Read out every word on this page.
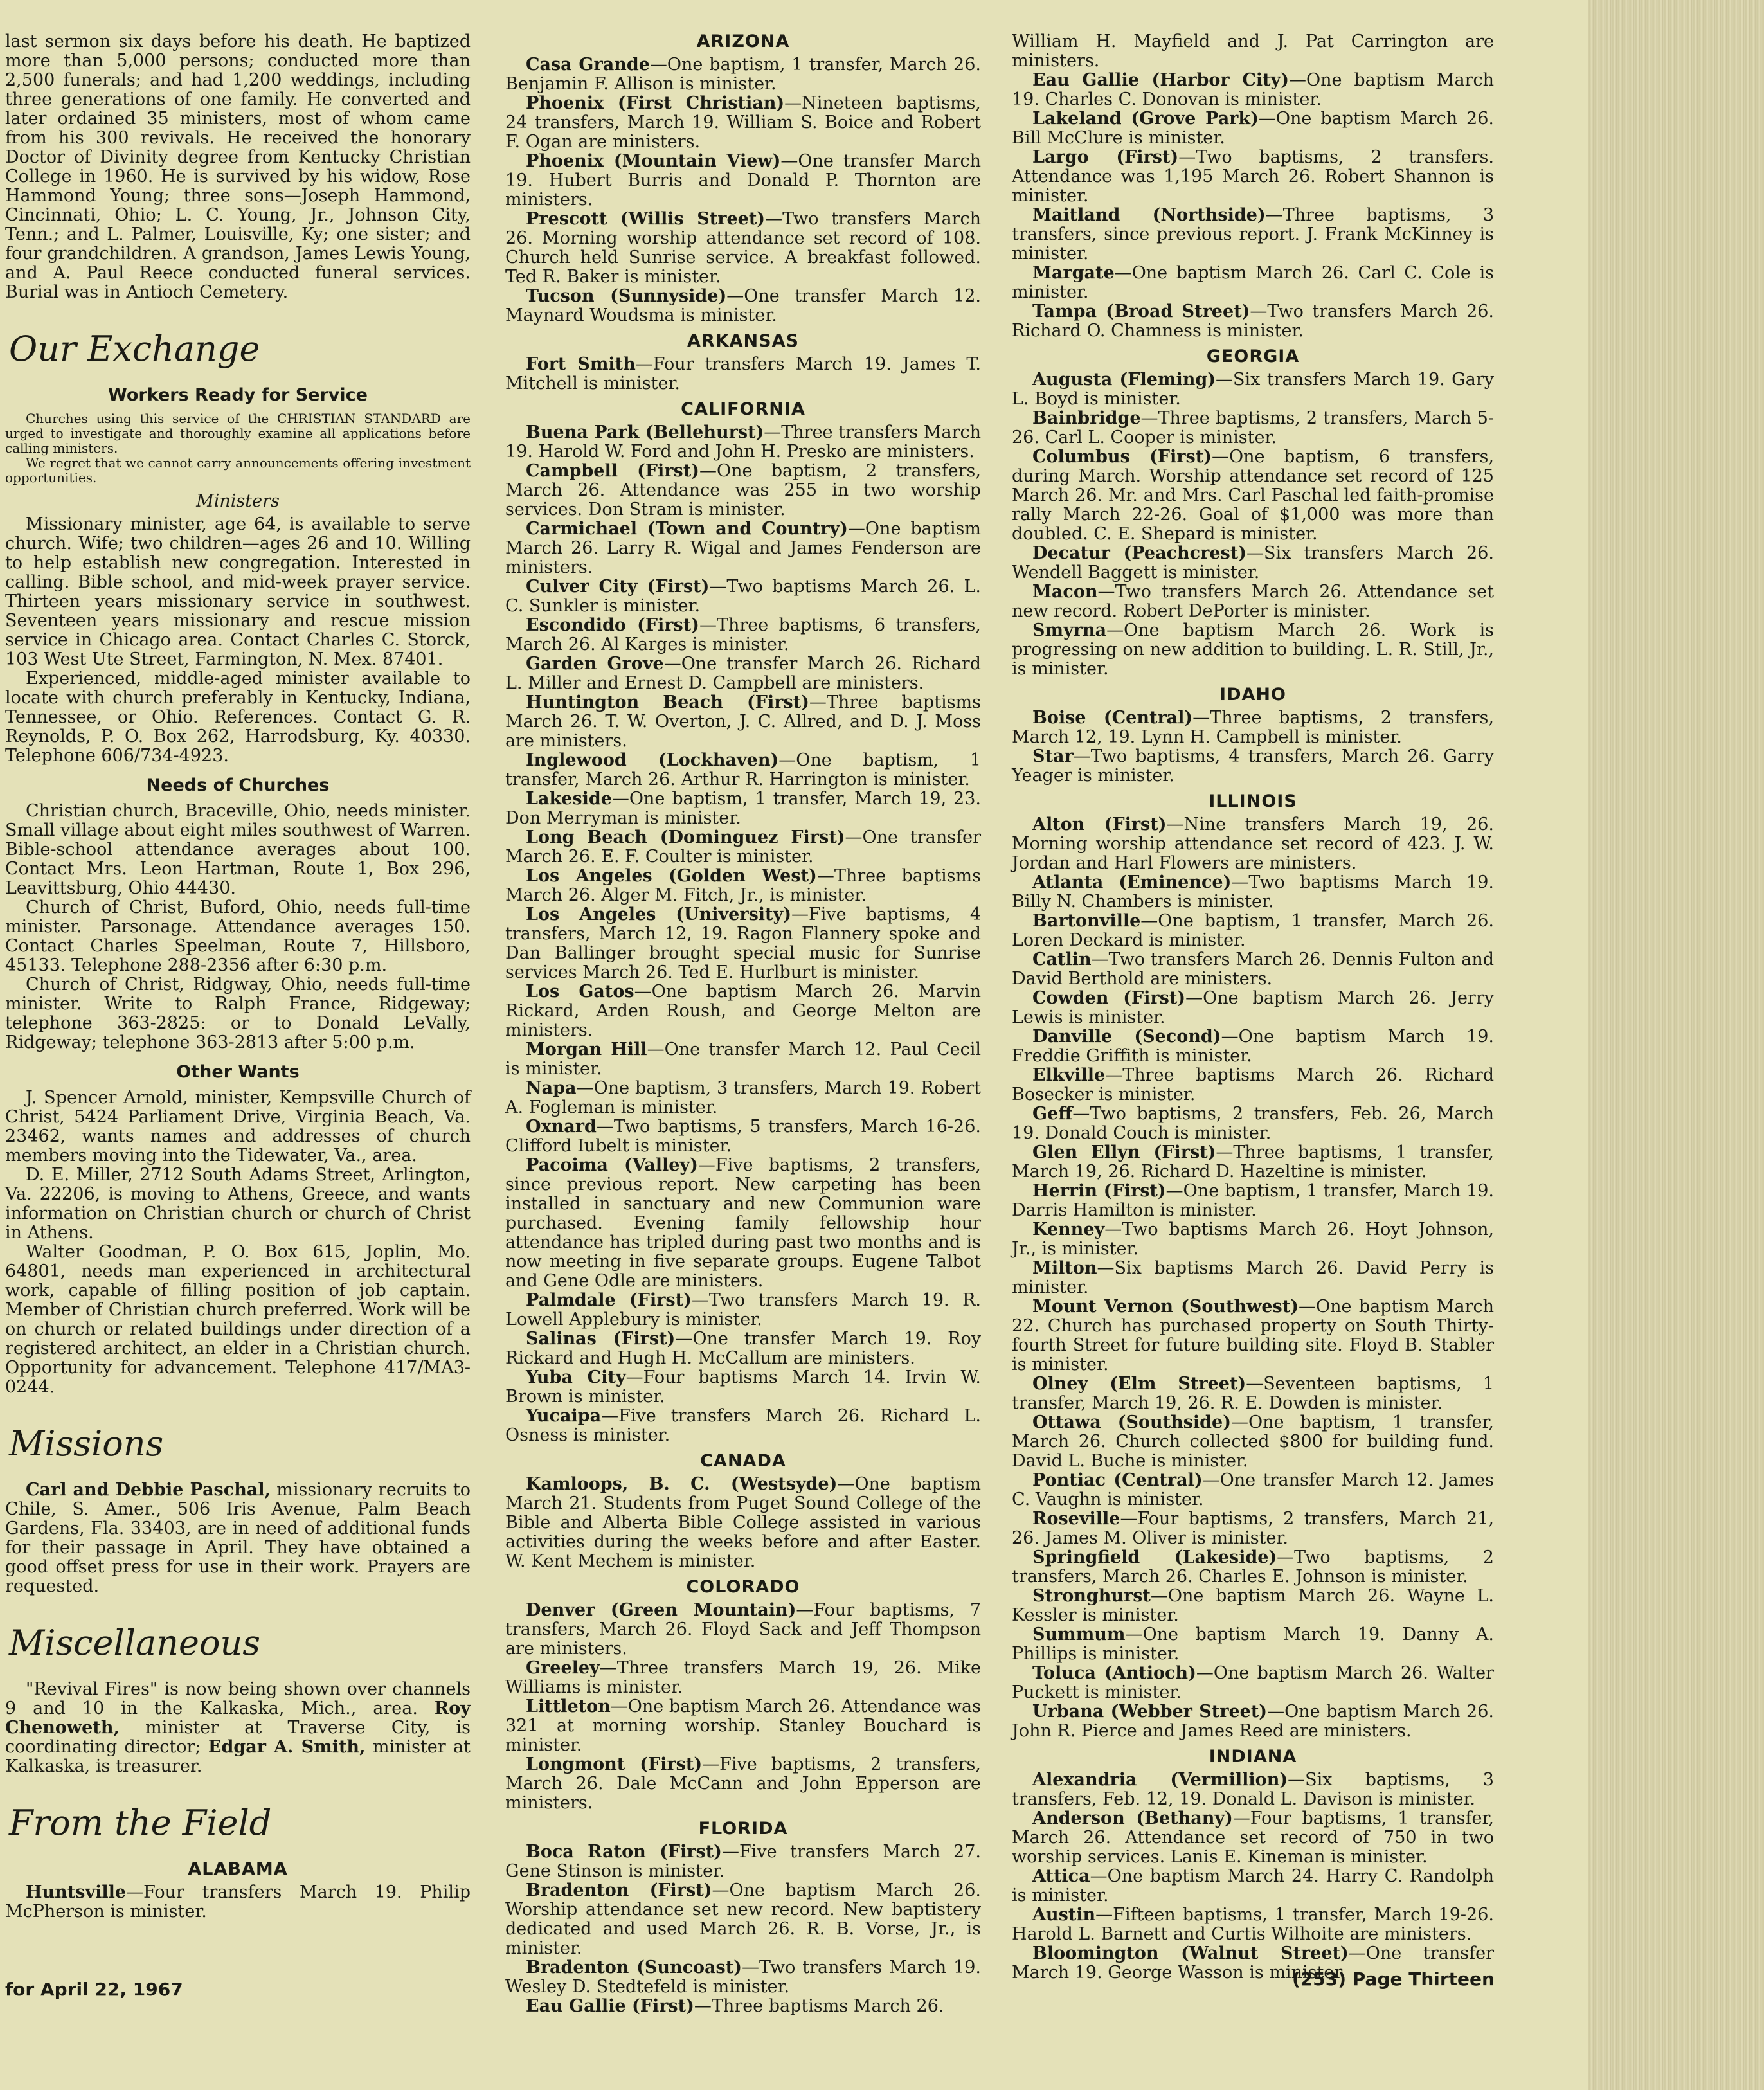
last sermon six days before his death. He baptized more than 5,000 persons; conducted more than 2,500 funerals; and had 1,200 weddings, including three generations of one family. He converted and later ordained 35 ministers, most of whom came from his 300 revivals. He received the honorary Doctor of Divinity degree from Kentucky Christian College in 1960. He is survived by his widow, Rose Hammond Young; three sons—Joseph Hammond, Cincinnati, Ohio; L. C. Young, Jr., Johnson City, Tenn.; and L. Palmer, Louisville, Ky; one sister; and four grandchildren. A grandson, James Lewis Young, and A. Paul Reece conducted funeral services. Burial was in Antioch Cemetery.

Our Exchange
Workers Ready for Service

Churches using this service of the CHRISTIAN STANDARD are urged to investigate and thoroughly examine all applications before calling ministers.

We regret that we cannot carry announcements offering investment opportunities.

Ministers

Missionary minister, age 64, is available to serve church. Wife; two children—ages 26 and 10. Willing to help establish new congregation. Interested in calling. Bible school, and mid-week prayer service. Thirteen years missionary service in southwest. Seventeen years missionary and rescue mission service in Chicago area. Contact Charles C. Storck, 103 West Ute Street, Farmington, N. Mex. 87401.

Experienced, middle-aged minister available to locate with church preferably in Kentucky, Indiana, Tennessee, or Ohio. References. Contact G. R. Reynolds, P. O. Box 262, Harrodsburg, Ky. 40330. Telephone 606/734-4923.

Needs of Churches

Christian church, Braceville, Ohio, needs minister. Small village about eight miles southwest of Warren. Bible-school attendance averages about 100. Contact Mrs. Leon Hartman, Route 1, Box 296, Leavittsburg, Ohio 44430.

Church of Christ, Buford, Ohio, needs full-time minister. Parsonage. Attendance averages 150. Contact Charles Speelman, Route 7, Hillsboro, 45133. Telephone 288-2356 after 6:30 p.m.

Church of Christ, Ridgway, Ohio, needs full-time minister. Write to Ralph France, Ridgeway; telephone 363-2825: or to Donald LeVally, Ridgeway; telephone 363-2813 after 5:00 p.m.

Other Wants

J. Spencer Arnold, minister, Kempsville Church of Christ, 5424 Parliament Drive, Virginia Beach, Va. 23462, wants names and addresses of church members moving into the Tidewater, Va., area.

D. E. Miller, 2712 South Adams Street, Arlington, Va. 22206, is moving to Athens, Greece, and wants information on Christian church or church of Christ in Athens.

Walter Goodman, P. O. Box 615, Joplin, Mo. 64801, needs man experienced in architectural work, capable of filling position of job captain. Member of Christian church preferred. Work will be on church or related buildings under direction of a registered architect, an elder in a Christian church. Opportunity for advancement. Telephone 417/MA3-0244.

Missions

Carl and Debbie Paschal, missionary recruits to Chile, S. Amer., 506 Iris Avenue, Palm Beach Gardens, Fla. 33403, are in need of additional funds for their passage in April. They have obtained a good offset press for use in their work. Prayers are requested.

Miscellaneous

"Revival Fires" is now being shown over channels 9 and 10 in the Kalkaska, Mich., area. Roy Chenoweth, minister at Traverse City, is coordinating director; Edgar A. Smith, minister at Kalkaska, is treasurer.

From the Field
ALABAMA

Huntsville—Four transfers March 19. Philip McPherson is minister.

ARIZONA

Casa Grande—One baptism, 1 transfer, March 26. Benjamin F. Allison is minister.

Phoenix (First Christian)—Nineteen baptisms, 24 transfers, March 19. William S. Boice and Robert F. Ogan are ministers.

Phoenix (Mountain View)—One transfer March 19. Hubert Burris and Donald P. Thornton are ministers.

Prescott (Willis Street)—Two transfers March 26. Morning worship attendance set record of 108. Church held Sunrise service. A breakfast followed. Ted R. Baker is minister.

Tucson (Sunnyside)—One transfer March 12. Maynard Woudsma is minister.

ARKANSAS

Fort Smith—Four transfers March 19. James T. Mitchell is minister.

CALIFORNIA

Buena Park (Bellehurst)—Three transfers March 19. Harold W. Ford and John H. Presko are ministers.

Campbell (First)—One baptism, 2 transfers, March 26. Attendance was 255 in two worship services. Don Stram is minister.

Carmichael (Town and Country)—One baptism March 26. Larry R. Wigal and James Fenderson are ministers.

Culver City (First)—Two baptisms March 26. L. C. Sunkler is minister.

Escondido (First)—Three baptisms, 6 transfers, March 26. Al Karges is minister.

Garden Grove—One transfer March 26. Richard L. Miller and Ernest D. Campbell are ministers.

Huntington Beach (First)—Three baptisms March 26. T. W. Overton, J. C. Allred, and D. J. Moss are ministers.

Inglewood (Lockhaven)—One baptism, 1 transfer, March 26. Arthur R. Harrington is minister.

Lakeside—One baptism, 1 transfer, March 19, 23. Don Merryman is minister.

Long Beach (Dominguez First)—One transfer March 26. E. F. Coulter is minister.

Los Angeles (Golden West)—Three baptisms March 26. Alger M. Fitch, Jr., is minister.

Los Angeles (University)—Five baptisms, 4 transfers, March 12, 19. Ragon Flannery spoke and Dan Ballinger brought special music for Sunrise services March 26. Ted E. Hurlburt is minister.

Los Gatos—One baptism March 26. Marvin Rickard, Arden Roush, and George Melton are ministers.

Morgan Hill—One transfer March 12. Paul Cecil is minister.

Napa—One baptism, 3 transfers, March 19. Robert A. Fogleman is minister.

Oxnard—Two baptisms, 5 transfers, March 16-26. Clifford Iubelt is minister.

Pacoima (Valley)—Five baptisms, 2 transfers, since previous report. New carpeting has been installed in sanctuary and new Communion ware purchased. Evening family fellowship hour attendance has tripled during past two months and is now meeting in five separate groups. Eugene Talbot and Gene Odle are ministers.

Palmdale (First)—Two transfers March 19. R. Lowell Applebury is minister.

Salinas (First)—One transfer March 19. Roy Rickard and Hugh H. McCallum are ministers.

Yuba City—Four baptisms March 14. Irvin W. Brown is minister.

Yucaipa—Five transfers March 26. Richard L. Osness is minister.

CANADA

Kamloops, B. C. (Westsyde)—One baptism March 21. Students from Puget Sound College of the Bible and Alberta Bible College assisted in various activities during the weeks before and after Easter. W. Kent Mechem is minister.

COLORADO

Denver (Green Mountain)—Four baptisms, 7 transfers, March 26. Floyd Sack and Jeff Thompson are ministers.

Greeley—Three transfers March 19, 26. Mike Williams is minister.

Littleton—One baptism March 26. Attendance was 321 at morning worship. Stanley Bouchard is minister.

Longmont (First)—Five baptisms, 2 transfers, March 26. Dale McCann and John Epperson are ministers.

FLORIDA

Boca Raton (First)—Five transfers March 27. Gene Stinson is minister.

Bradenton (First)—One baptism March 26. Worship attendance set new record. New baptistery dedicated and used March 26. R. B. Vorse, Jr., is minister.

Bradenton (Suncoast)—Two transfers March 19. Wesley D. Stedtefeld is minister.

Eau Gallie (First)—Three baptisms March 26.

William H. Mayfield and J. Pat Carrington are ministers.

Eau Gallie (Harbor City)—One baptism March 19. Charles C. Donovan is minister.

Lakeland (Grove Park)—One baptism March 26. Bill McClure is minister.

Largo (First)—Two baptisms, 2 transfers. Attendance was 1,195 March 26. Robert Shannon is minister.

Maitland (Northside)—Three baptisms, 3 transfers, since previous report. J. Frank McKinney is minister.

Margate—One baptism March 26. Carl C. Cole is minister.

Tampa (Broad Street)—Two transfers March 26. Richard O. Chamness is minister.

GEORGIA

Augusta (Fleming)—Six transfers March 19. Gary L. Boyd is minister.

Bainbridge—Three baptisms, 2 transfers, March 5-26. Carl L. Cooper is minister.

Columbus (First)—One baptism, 6 transfers, during March. Worship attendance set record of 125 March 26. Mr. and Mrs. Carl Paschal led faith-promise rally March 22-26. Goal of $1,000 was more than doubled. C. E. Shepard is minister.

Decatur (Peachcrest)—Six transfers March 26. Wendell Baggett is minister.

Macon—Two transfers March 26. Attendance set new record. Robert DePorter is minister.

Smyrna—One baptism March 26. Work is progressing on new addition to building. L. R. Still, Jr., is minister.

IDAHO

Boise (Central)—Three baptisms, 2 transfers, March 12, 19. Lynn H. Campbell is minister.

Star—Two baptisms, 4 transfers, March 26. Garry Yeager is minister.

ILLINOIS

Alton (First)—Nine transfers March 19, 26. Morning worship attendance set record of 423. J. W. Jordan and Harl Flowers are ministers.

Atlanta (Eminence)—Two baptisms March 19. Billy N. Chambers is minister.

Bartonville—One baptism, 1 transfer, March 26. Loren Deckard is minister.

Catlin—Two transfers March 26. Dennis Fulton and David Berthold are ministers.

Cowden (First)—One baptism March 26. Jerry Lewis is minister.

Danville (Second)—One baptism March 19. Freddie Griffith is minister.

Elkville—Three baptisms March 26. Richard Bosecker is minister.

Geff—Two baptisms, 2 transfers, Feb. 26, March 19. Donald Couch is minister.

Glen Ellyn (First)—Three baptisms, 1 transfer, March 19, 26. Richard D. Hazeltine is minister.

Herrin (First)—One baptism, 1 transfer, March 19. Darris Hamilton is minister.

Kenney—Two baptisms March 26. Hoyt Johnson, Jr., is minister.

Milton—Six baptisms March 26. David Perry is minister.

Mount Vernon (Southwest)—One baptism March 22. Church has purchased property on South Thirty-fourth Street for future building site. Floyd B. Stabler is minister.

Olney (Elm Street)—Seventeen baptisms, 1 transfer, March 19, 26. R. E. Dowden is minister.

Ottawa (Southside)—One baptism, 1 transfer, March 26. Church collected $800 for building fund. David L. Buche is minister.

Pontiac (Central)—One transfer March 12. James C. Vaughn is minister.

Roseville—Four baptisms, 2 transfers, March 21, 26. James M. Oliver is minister.

Springfield (Lakeside)—Two baptisms, 2 transfers, March 26. Charles E. Johnson is minister.

Stronghurst—One baptism March 26. Wayne L. Kessler is minister.

Summum—One baptism March 19. Danny A. Phillips is minister.

Toluca (Antioch)—One baptism March 26. Walter Puckett is minister.

Urbana (Webber Street)—One baptism March 26. John R. Pierce and James Reed are ministers.

INDIANA

Alexandria (Vermillion)—Six baptisms, 3 transfers, Feb. 12, 19. Donald L. Davison is minister.

Anderson (Bethany)—Four baptisms, 1 transfer, March 26. Attendance set record of 750 in two worship services. Lanis E. Kineman is minister.

Attica—One baptism March 24. Harry C. Randolph is minister.

Austin—Fifteen baptisms, 1 transfer, March 19-26. Harold L. Barnett and Curtis Wilhoite are ministers.

Bloomington (Walnut Street)—One transfer March 19. George Wasson is minister.

for April 22, 1967	(253) Page Thirteen
